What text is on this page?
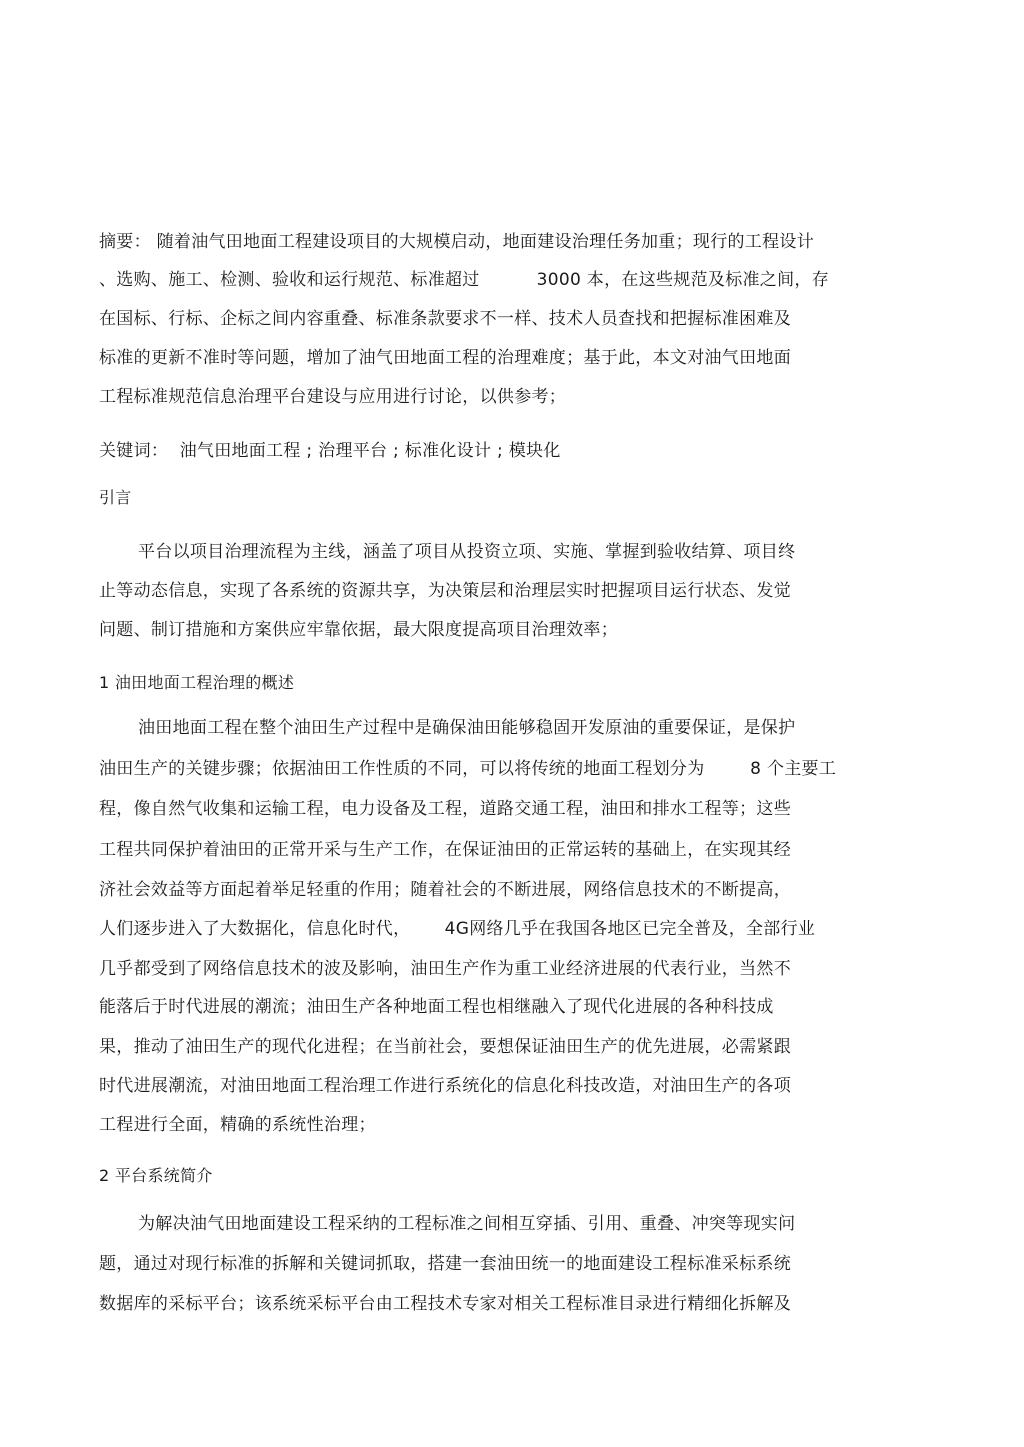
摘要： 随着油气田地面工程建设项目的大规模启动，地面建设治理任务加重；现行的工程设计
、选购、施工、检测、验收和运行规范、标准超过          3000 本，在这些规范及标准之间，存
在国标、行标、企标之间内容重叠、标准条款要求不一样、技术人员查找和把握标准困难及
标准的更新不准时等问题，增加了油气田地面工程的治理难度；基于此，本文对油气田地面
工程标准规范信息治理平台建设与应用进行讨论，以供参考；
关键词：  油气田地面工程 ; 治理平台 ; 标准化设计 ; 模块化
引言
平台以项目治理流程为主线，涵盖了项目从投资立项、实施、掌握到验收结算、项目终
止等动态信息，实现了各系统的资源共享，为决策层和治理层实时把握项目运行状态、发觉
问题、制订措施和方案供应牢靠依据，最大限度提高项目治理效率；
1 油田地面工程治理的概述
油田地面工程在整个油田生产过程中是确保油田能够稳固开发原油的重要保证，是保护
油田生产的关键步骤；依据油田工作性质的不同，可以将传统的地面工程划分为        8 个主要工
程，像自然气收集和运输工程，电力设备及工程，道路交通工程，油田和排水工程等；这些
工程共同保护着油田的正常开采与生产工作，在保证油田的正常运转的基础上，在实现其经
济社会效益等方面起着举足轻重的作用；随着社会的不断进展，网络信息技术的不断提高，
人们逐步进入了大数据化，信息化时代，      4G网络几乎在我国各地区已完全普及，全部行业
几乎都受到了网络信息技术的波及影响，油田生产作为重工业经济进展的代表行业，当然不
能落后于时代进展的潮流；油田生产各种地面工程也相继融入了现代化进展的各种科技成
果，推动了油田生产的现代化进程；在当前社会，要想保证油田生产的优先进展，必需紧跟
时代进展潮流，对油田地面工程治理工作进行系统化的信息化科技改造，对油田生产的各项
工程进行全面，精确的系统性治理；
2 平台系统简介
为解决油气田地面建设工程采纳的工程标准之间相互穿插、引用、重叠、冲突等现实问
题，通过对现行标准的拆解和关键词抓取，搭建一套油田统一的地面建设工程标准采标系统
数据库的采标平台；该系统采标平台由工程技术专家对相关工程标准目录进行精细化拆解及
